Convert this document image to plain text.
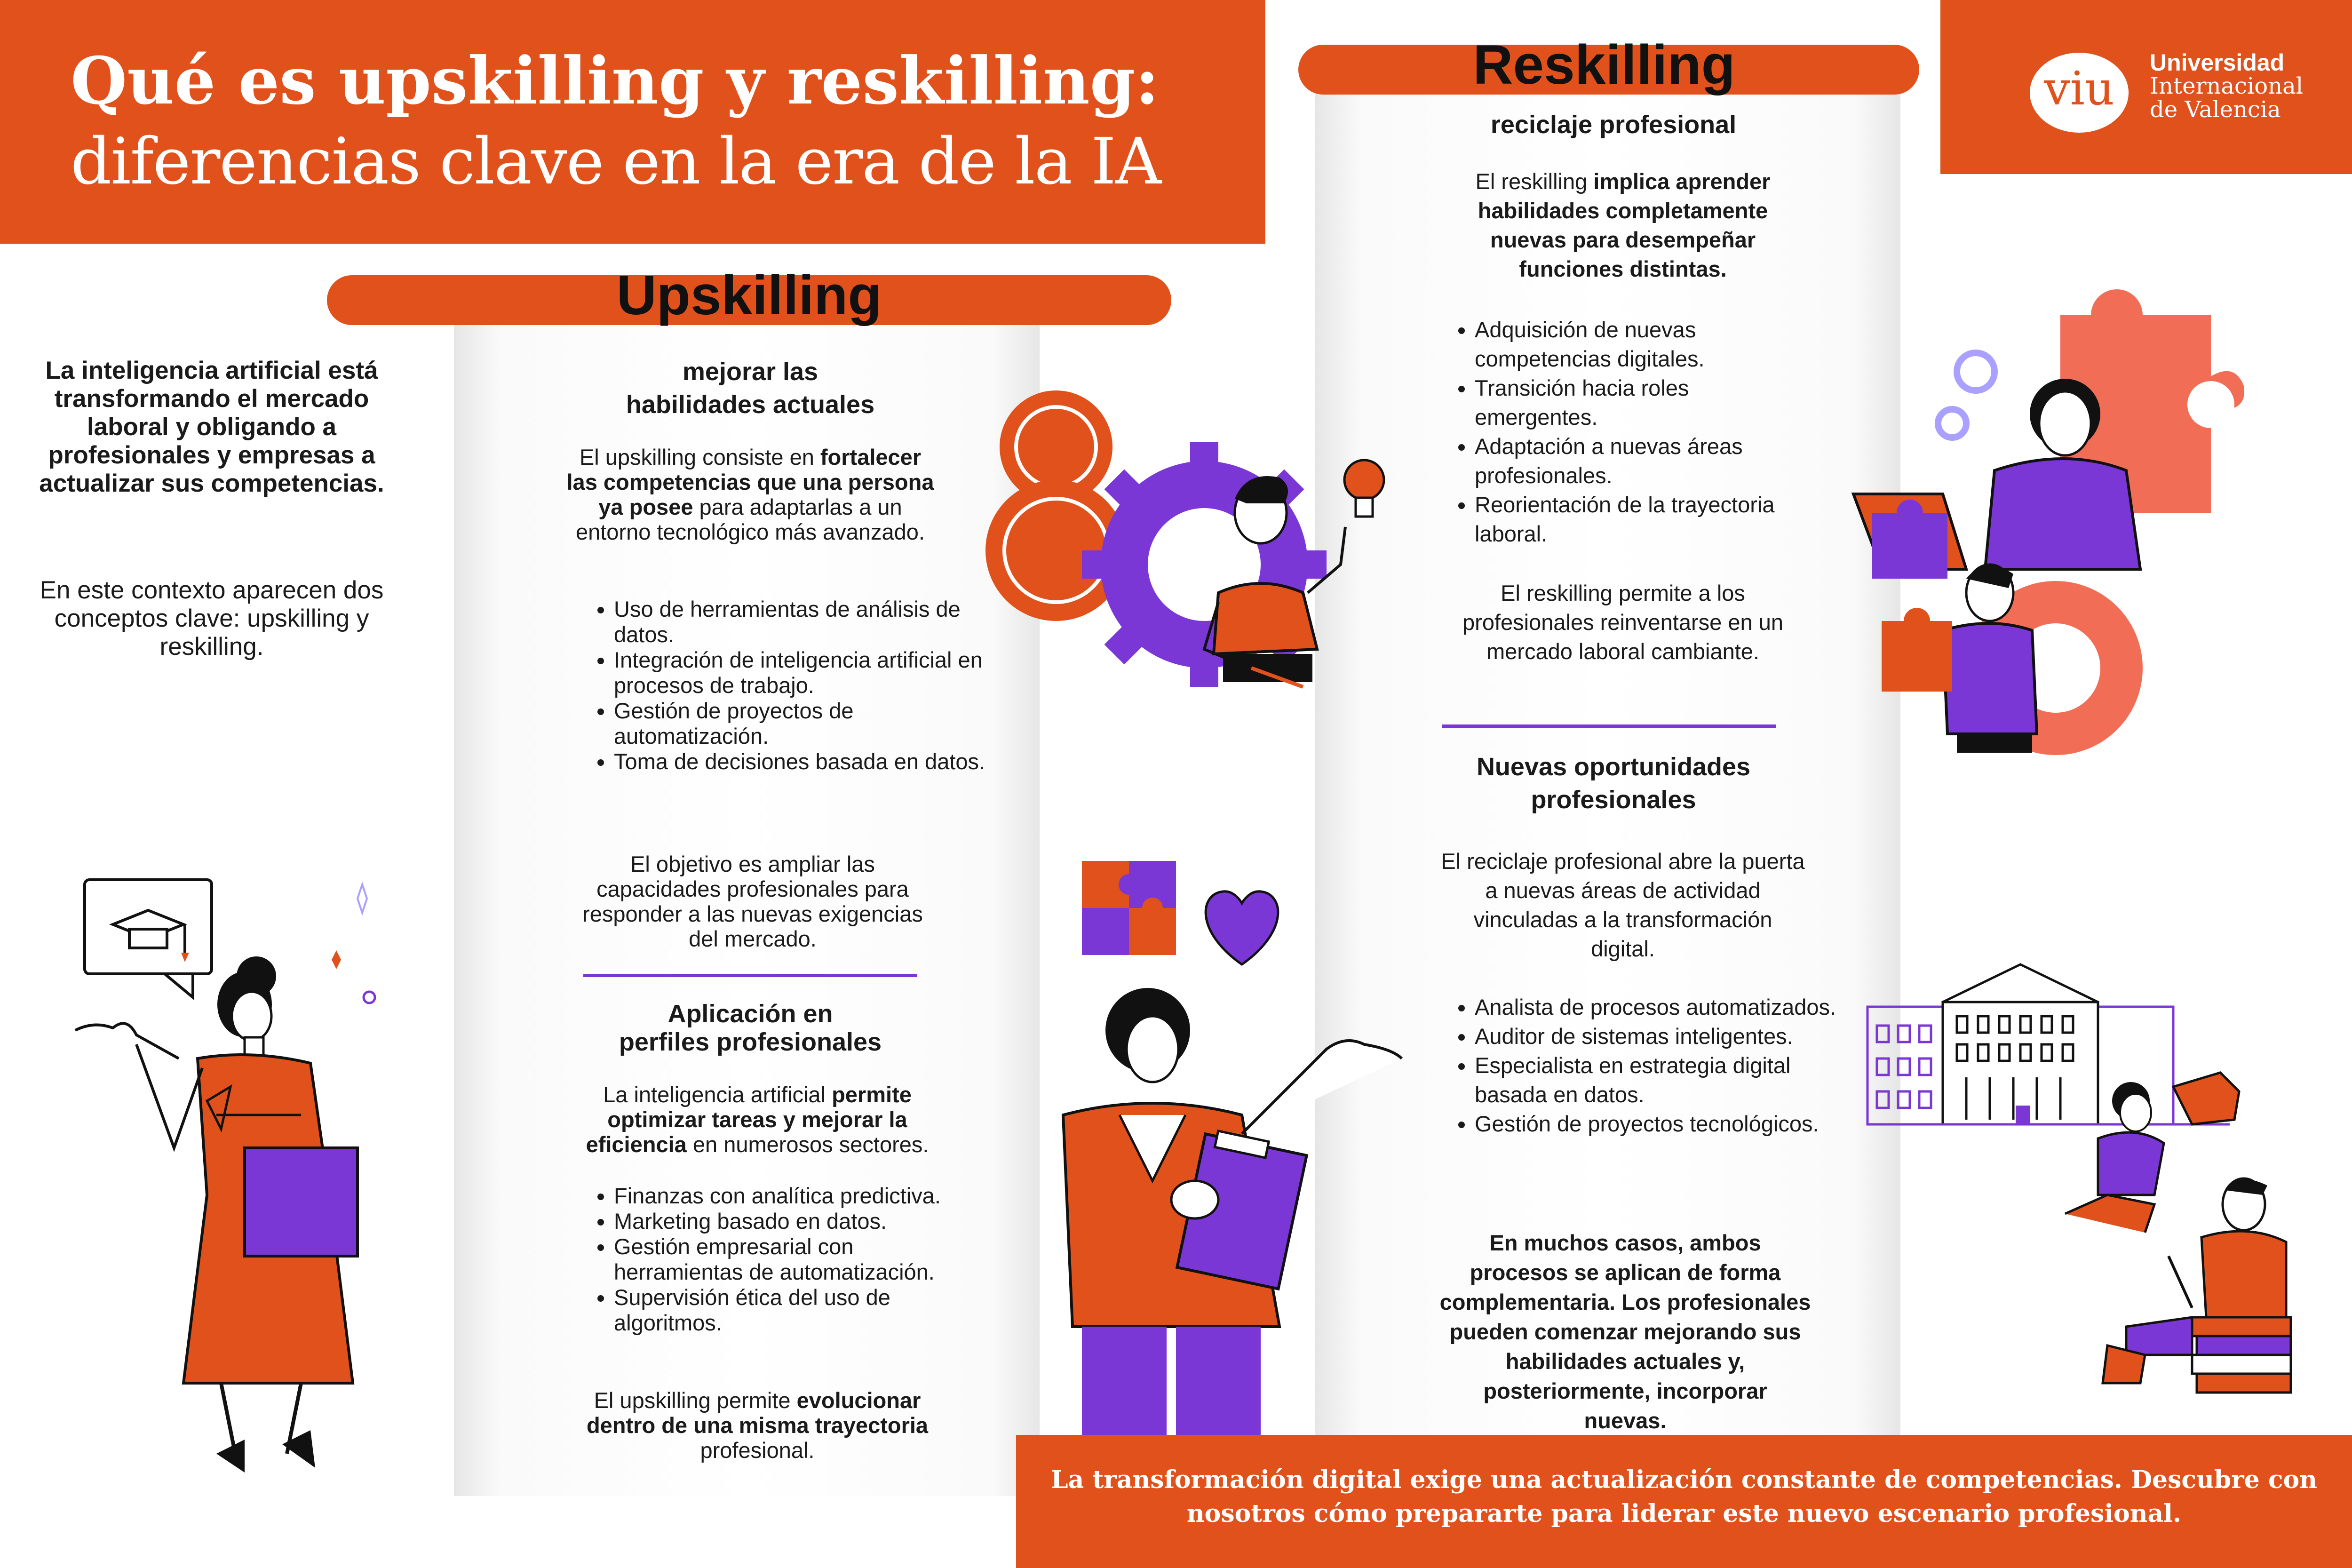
Qué es upskilling y reskilling:
diferencias clave en la era de la IA
viu	Universidad
Internacional
de Valencia
Upskilling
Reskilling
La inteligencia artificial está transformando el mercado laboral y obligando a profesionales y empresas a actualizar sus competencias.
En este contexto aparecen dos conceptos clave: upskilling y reskilling.
mejorar las
habilidades actuales
El upskilling consiste en fortalecer las competencias que una persona ya posee para adaptarlas a un entorno tecnológico más avanzado.
• Uso de herramientas de análisis de datos.
• Integración de inteligencia artificial en procesos de trabajo.
• Gestión de proyectos de automatización.
• Toma de decisiones basada en datos.
El objetivo es ampliar las capacidades profesionales para responder a las nuevas exigencias del mercado.
Aplicación en
perfiles profesionales
La inteligencia artificial permite optimizar tareas y mejorar la eficiencia en numerosos sectores.
• Finanzas con analítica predictiva.
• Marketing basado en datos.
• Gestión empresarial con herramientas de automatización.
• Supervisión ética del uso de algoritmos.
El upskilling permite evolucionar dentro de una misma trayectoria profesional.
reciclaje profesional
El reskilling implica aprender habilidades completamente nuevas para desempeñar funciones distintas.
• Adquisición de nuevas competencias digitales.
• Transición hacia roles emergentes.
• Adaptación a nuevas áreas profesionales.
• Reorientación de la trayectoria laboral.
El reskilling permite a los profesionales reinventarse en un mercado laboral cambiante.
Nuevas oportunidades
profesionales
El reciclaje profesional abre la puerta a nuevas áreas de actividad vinculadas a la transformación digital.
• Analista de procesos automatizados.
• Auditor de sistemas inteligentes.
• Especialista en estrategia digital basada en datos.
• Gestión de proyectos tecnológicos.
En muchos casos, ambos procesos se aplican de forma complementaria. Los profesionales pueden comenzar mejorando sus habilidades actuales y, posteriormente, incorporar nuevas.
La transformación digital exige una actualización constante de competencias. Descubre con nosotros cómo prepararte para liderar este nuevo escenario profesional.
